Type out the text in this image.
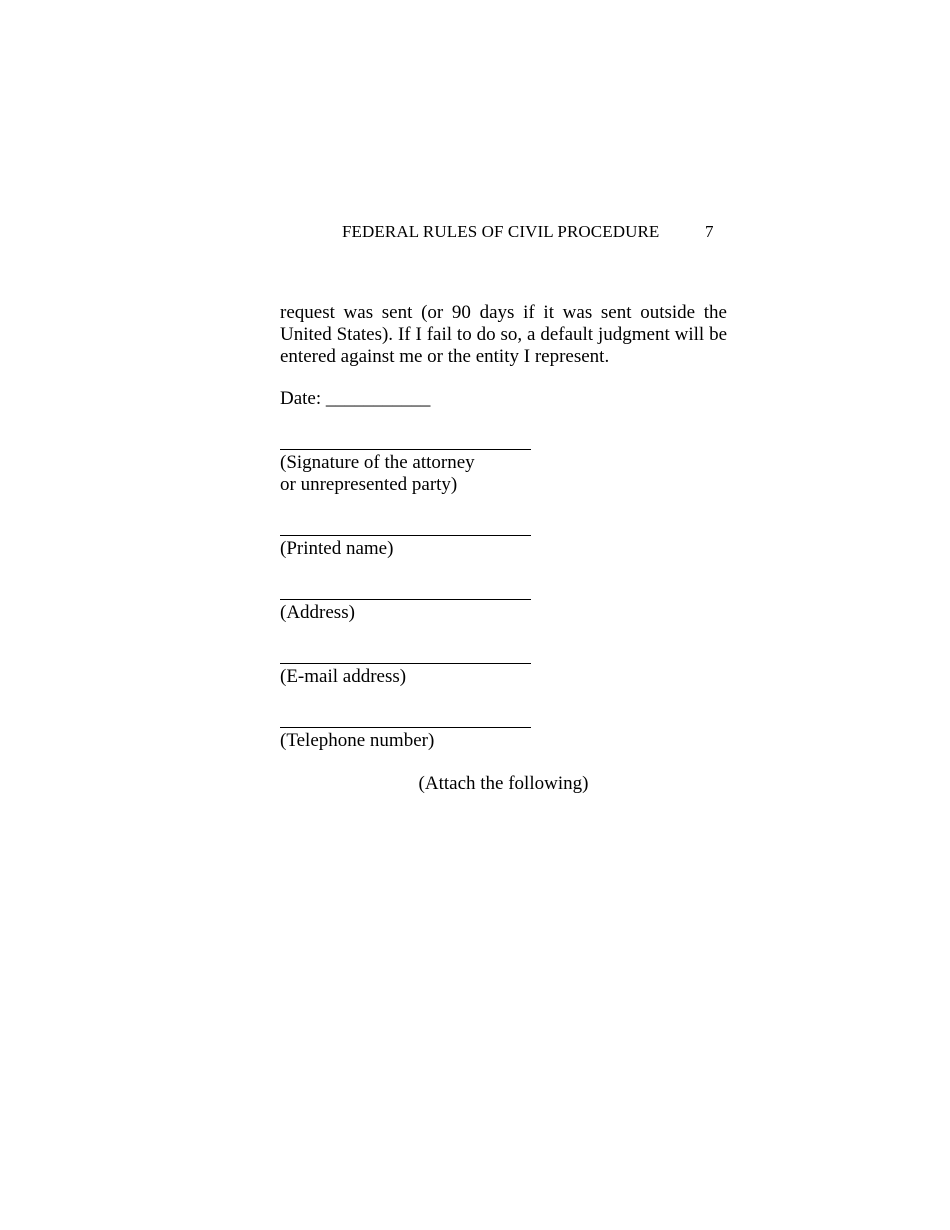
FEDERAL RULES OF CIVIL PROCEDURE	7
request was sent (or 90 days if it was sent outside the United States). If I fail to do so, a default judgment will be entered against me or the entity I represent.
Date: ___________
(Signature of the attorney
or unrepresented party)
(Printed name)
(Address)
(E-mail address)
(Telephone number)
(Attach the following)
